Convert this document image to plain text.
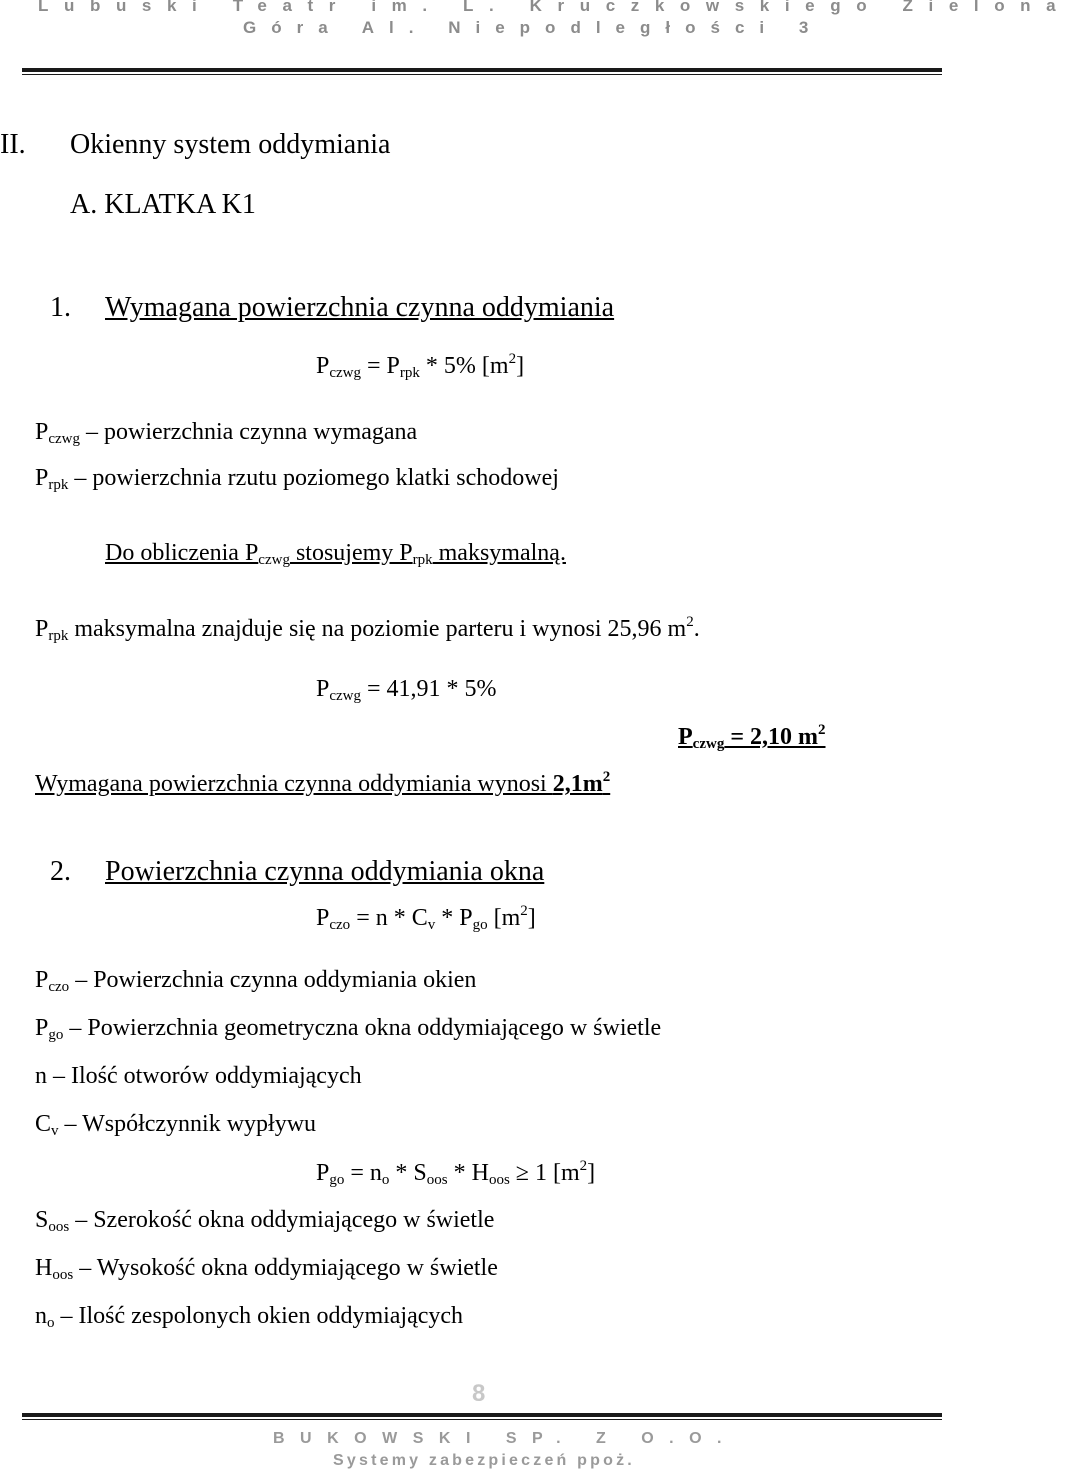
Lubuski Teatr im. L. Kruczkowskiego Zielona
Góra Al. Niepodległości 3
II. Okienny system oddymiania
A. KLATKA K1
1. Wymagana powierzchnia czynna oddymiania
$P_{czwg} = P_{rpk} * 5\%$ $[m^2]$
$P_{czwg}$ – powierzchnia czynna wymagana
$P_{rpk}$ – powierzchnia rzutu poziomego klatki schodowej
Do obliczenia $P_{czwg}$ stosujemy $P_{rpk}$ maksymalną.
$P_{rpk}$ maksymalna znajduje się na poziomie parteru i wynosi 25,96 $m^2$.
$P_{czwg} = 41,91 * 5\%$
$P_{czwg} = 2,10$ $m^2$
Wymagana powierzchnia czynna oddymiania wynosi $2,1m^2$
2. Powierzchnia czynna oddymiania okna
$P_{czo} = n * C_v * P_{go}$ $[m^2]$
$P_{czo}$ – Powierzchnia czynna oddymiania okien
$P_{go}$ – Powierzchnia geometryczna okna oddymiającego w świetle
n – Ilość otworów oddymiających
$C_v$ – Współczynnik wypływu
$P_{go} = n_o * S_{oos} * H_{oos} \ge 1$ $[m^2]$
$S_{oos}$ – Szerokość okna oddymiającego w świetle
$H_{oos}$ – Wysokość okna oddymiającego w świetle
$n_o$ – Ilość zespolonych okien oddymiających
8
BUKOWSKI SP. Z O.O.
Systemy zabezpieczeń ppoż.
